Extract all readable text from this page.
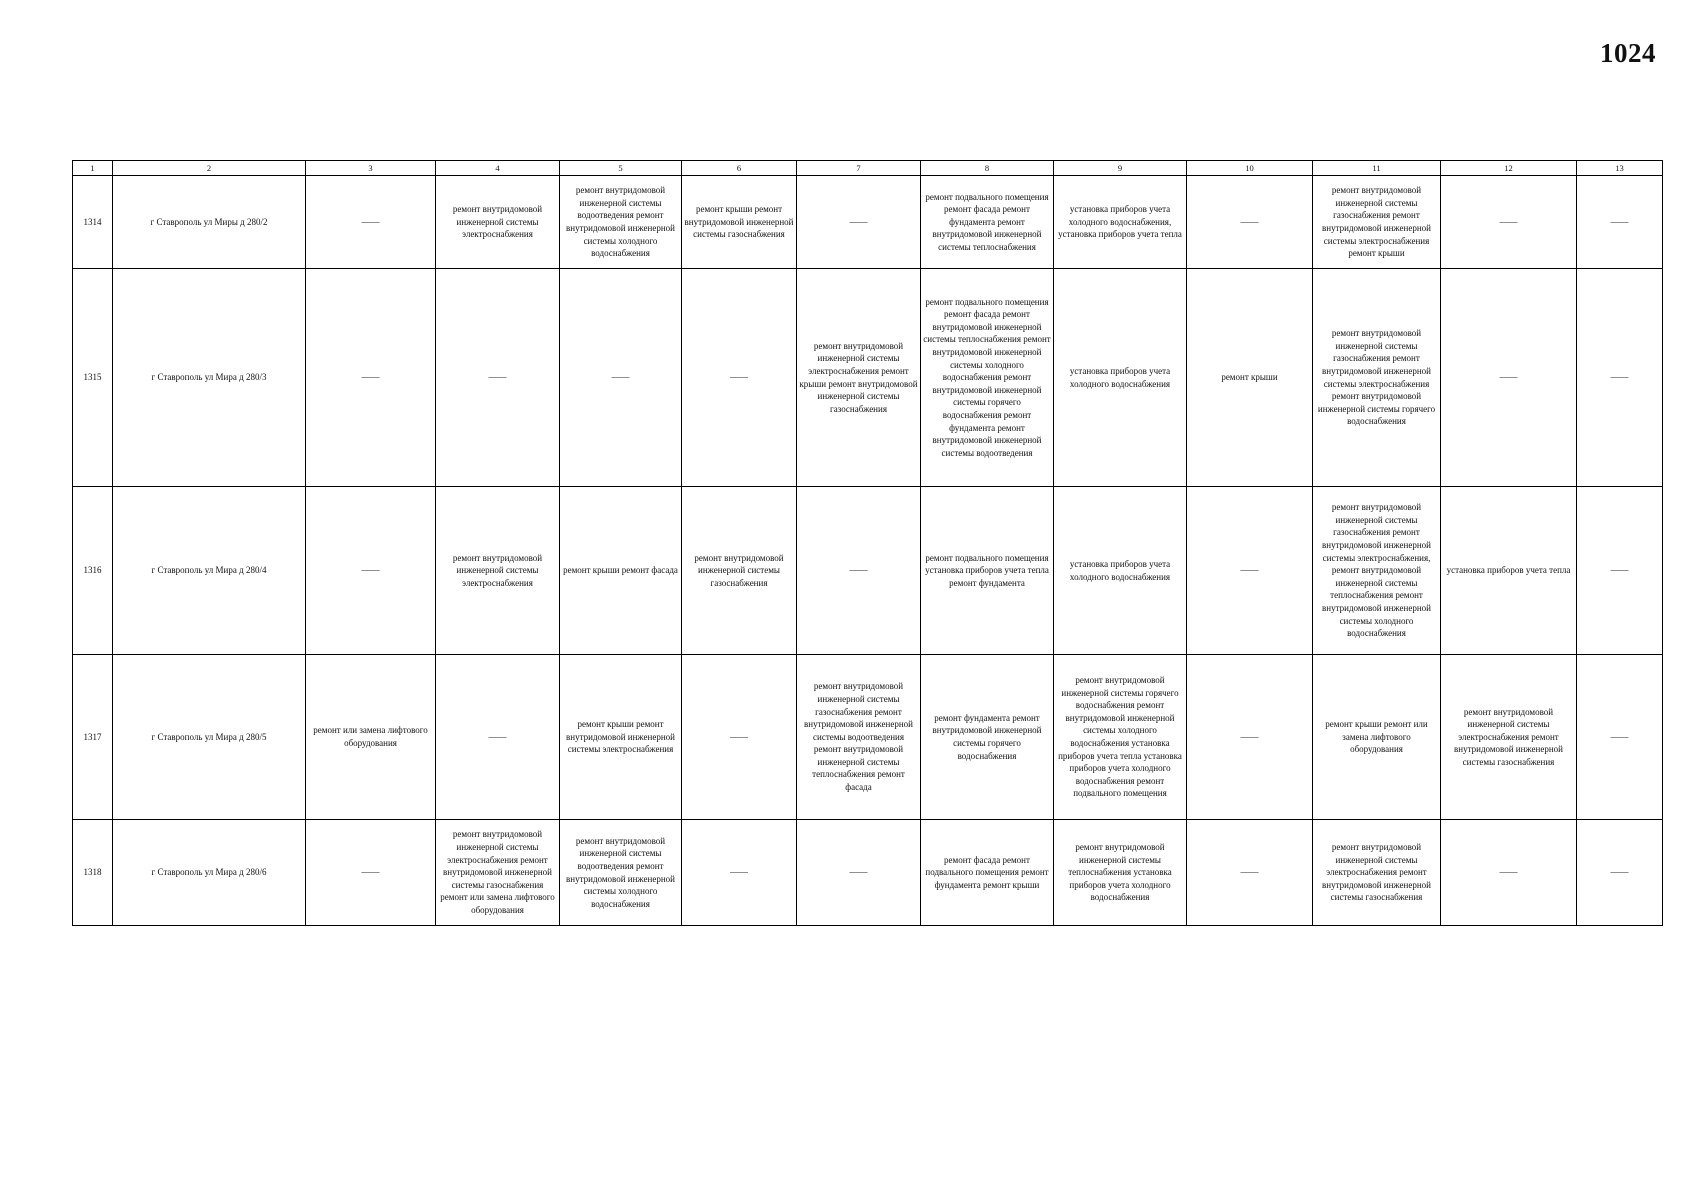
1024
1	2	3	4	5	6	7	8	9	10	11	12	13
1314	г Ставрополь ул Миры д 280/2	——	ремонт внутридомовой инженерной системы электроснабжения	ремонт внутридомовой инженерной системы водоотведения ремонт внутридомовой инженерной системы холодного водоснабжения	ремонт крыши ремонт внутридомовой инженерной системы газоснабжения	——	ремонт подвального помещения ремонт фасада ремонт фундамента ремонт внутридомовой инженерной системы теплоснабжения	установка приборов учета холодного водоснабжения, установка приборов учета тепла	——	ремонт внутридомовой инженерной системы газоснабжения ремонт внутридомовой инженерной системы электроснабжения ремонт крыши	——	——
1315	г Ставрополь ул Мира д 280/3	——	——	——	——	ремонт внутридомовой инженерной системы электроснабжения ремонт крыши ремонт внутридомовой инженерной системы газоснабжения	ремонт подвального помещения ремонт фасада ремонт внутридомовой инженерной системы теплоснабжения ремонт внутридомовой инженерной системы холодного водоснабжения ремонт внутридомовой инженерной системы горячего водоснабжения ремонт фундамента ремонт внутридомовой инженерной системы водоотведения	установка приборов учета холодного водоснабжения	ремонт крыши	ремонт внутридомовой инженерной системы газоснабжения ремонт внутридомовой инженерной системы электроснабжения ремонт внутридомовой инженерной системы горячего водоснабжения	——	——
1316	г Ставрополь ул Мира д 280/4	——	ремонт внутридомовой инженерной системы электроснабжения	ремонт крыши ремонт фасада	ремонт внутридомовой инженерной системы газоснабжения	——	ремонт подвального помещения установка приборов учета тепла ремонт фундамента	установка приборов учета холодного водоснабжения	——	ремонт внутридомовой инженерной системы газоснабжения ремонт внутридомовой инженерной системы электроснабжения, ремонт внутридомовой инженерной системы теплоснабжения ремонт внутридомовой инженерной системы холодного водоснабжения	установка приборов учета тепла	——
1317	г Ставрополь ул Мира д 280/5	ремонт или замена лифтового оборудования	——	ремонт крыши ремонт внутридомовой инженерной системы электроснабжения	——	ремонт внутридомовой инженерной системы газоснабжения ремонт внутридомовой инженерной системы водоотведения ремонт внутридомовой инженерной системы теплоснабжения ремонт фасада	ремонт фундамента ремонт внутридомовой инженерной системы горячего водоснабжения	ремонт внутридомовой инженерной системы горячего водоснабжения ремонт внутридомовой инженерной системы холодного водоснабжения установка приборов учета тепла установка приборов учета холодного водоснабжения ремонт подвального помещения	——	ремонт крыши ремонт или замена лифтового оборудования	ремонт внутридомовой инженерной системы электроснабжения ремонт внутридомовой инженерной системы газоснабжения	——
1318	г Ставрополь ул Мира д 280/6	——	ремонт внутридомовой инженерной системы электроснабжения ремонт внутридомовой инженерной системы газоснабжения ремонт или замена лифтового оборудования	ремонт внутридомовой инженерной системы водоотведения ремонт внутридомовой инженерной системы холодного водоснабжения	——	——	ремонт фасада ремонт подвального помещения ремонт фундамента ремонт крыши	ремонт внутридомовой инженерной системы теплоснабжения установка приборов учета холодного водоснабжения	——	ремонт внутридомовой инженерной системы электроснабжения ремонт внутридомовой инженерной системы газоснабжения	——	——
